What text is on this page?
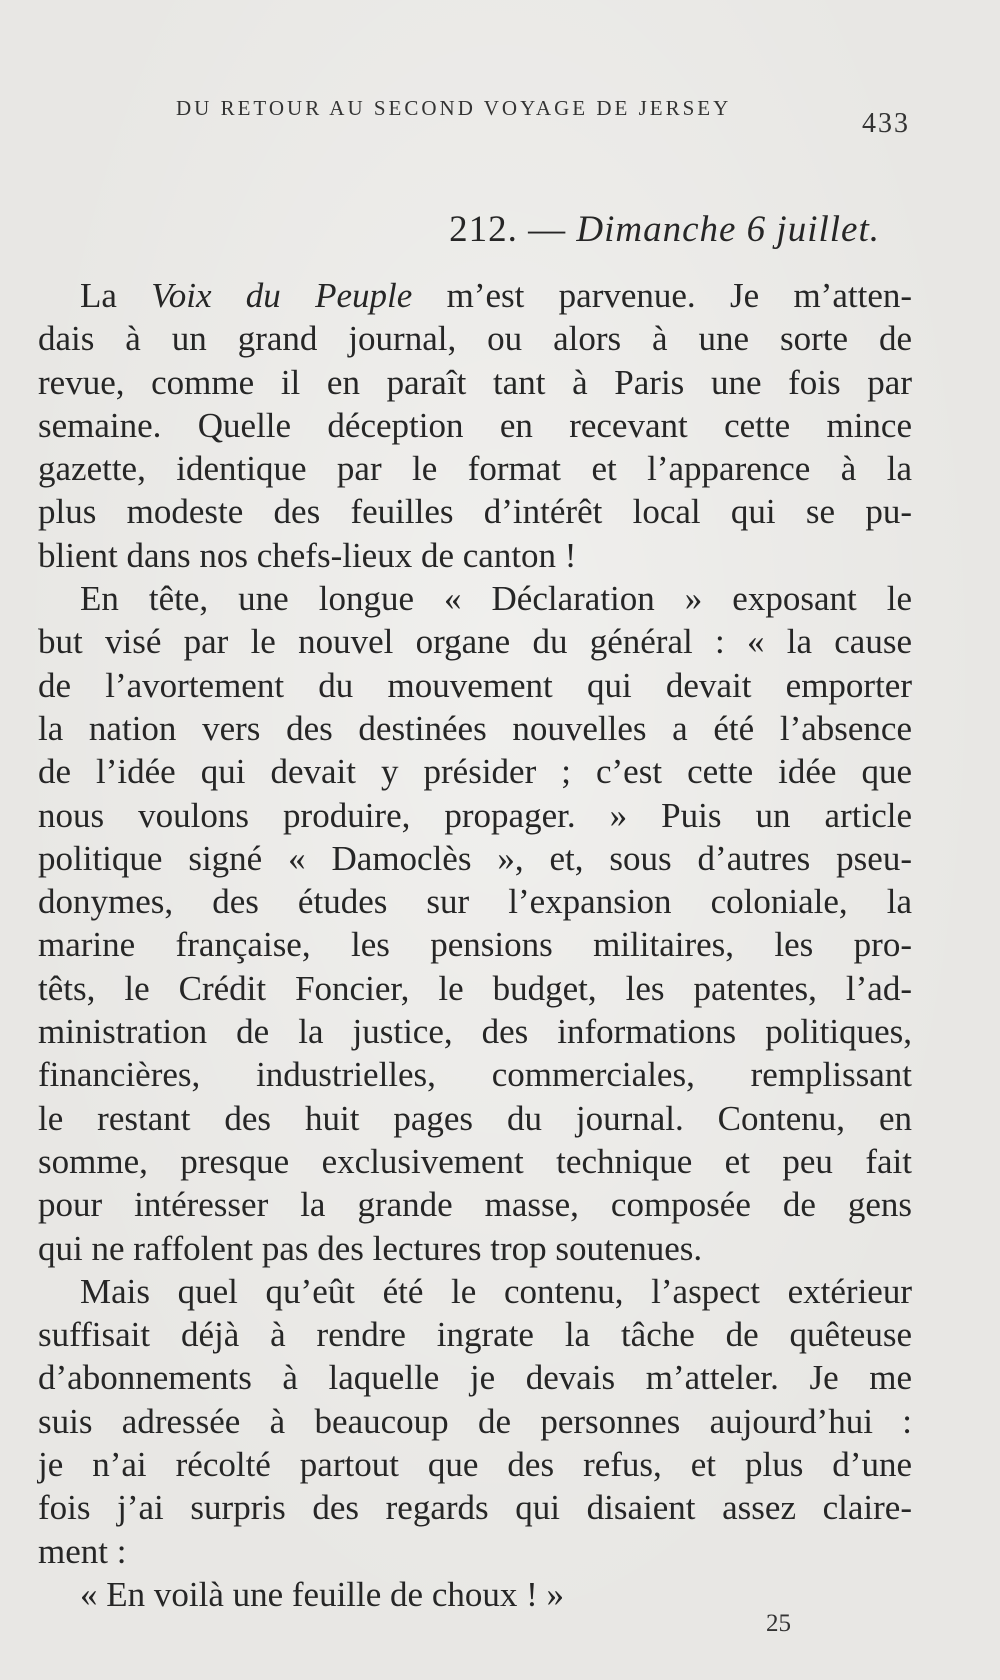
DU RETOUR AU SECOND VOYAGE DE JERSEY	433
212. — Dimanche 6 juillet.
La Voix du Peuple m’est parvenue. Je m’atten-
dais à un grand journal, ou alors à une sorte de
revue, comme il en paraît tant à Paris une fois par
semaine. Quelle déception en recevant cette mince
gazette, identique par le format et l’apparence à la
plus modeste des feuilles d’intérêt local qui se pu-
blient dans nos chefs-lieux de canton !
En tête, une longue « Déclaration » exposant le
but visé par le nouvel organe du général : « la cause
de l’avortement du mouvement qui devait emporter
la nation vers des destinées nouvelles a été l’absence
de l’idée qui devait y présider ; c’est cette idée que
nous voulons produire, propager. » Puis un article
politique signé « Damoclès », et, sous d’autres pseu-
donymes, des études sur l’expansion coloniale, la
marine française, les pensions militaires, les pro-
têts, le Crédit Foncier, le budget, les patentes, l’ad-
ministration de la justice, des informations politiques,
financières, industrielles, commerciales, remplissant
le restant des huit pages du journal. Contenu, en
somme, presque exclusivement technique et peu fait
pour intéresser la grande masse, composée de gens
qui ne raffolent pas des lectures trop soutenues.
Mais quel qu’eût été le contenu, l’aspect extérieur
suffisait déjà à rendre ingrate la tâche de quêteuse
d’abonnements à laquelle je devais m’atteler. Je me
suis adressée à beaucoup de personnes aujourd’hui :
je n’ai récolté partout que des refus, et plus d’une
fois j’ai surpris des regards qui disaient assez claire-
ment :
« En voilà une feuille de choux ! »
25
